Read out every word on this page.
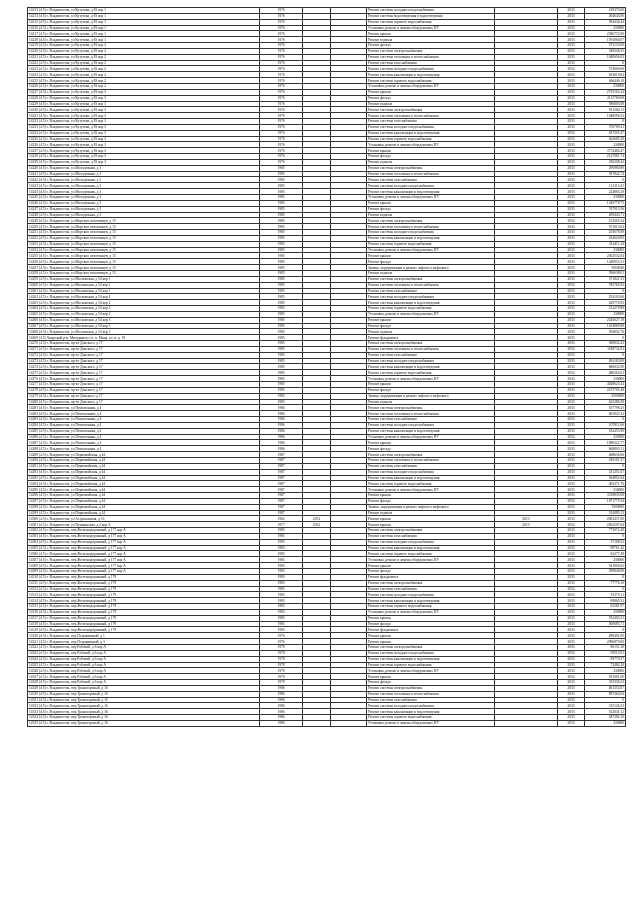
14213 (4.5) г. Владивосток, ул Кутузова, д 83 кор 1	1976			Ремонт системы холодного водоснабжения		2033	239379.00
14214 (4.5) г. Владивосток, ул Кутузова, д 83 кор 1	1976			Ремонт системы водоотведения и водоотведения		2033	404643.00
14215 (4.5) г. Владивосток, ул Кутузова, д 83 кор 1	1976			Ремонт системы горячего водоснабжения		2033	394436.44
14216 (4.5) г. Владивосток, ул Кутузова, д 83 кор 1	1976			Установка, ремонт и замена общедомовых ПУ		2033	230000
14217 (4.5) г. Владивосток, ул Кутузова, д 83 кор 1	1976			Ремонт крыши		2033	2396772.00
14218 (4.5) г. Владивосток, ул Кутузова, д 83 кор 1	1976			Ремонт подвала		2033	1591060.07
14219 (4.5) г. Владивосток, ул Кутузова, д 83 кор 2	1976			Ремонт фасада		2033	373133.00
14220 (4.5) г. Владивосток, ул Кутузова, д 83 кор 2	1976			Ремонт системы электроснабжения		2033	348246.55
14221 (4.5) г. Владивосток, ул Кутузова, д 83 кор 2	1976			Ремонт системы отопления и теплоснабжения		2033	1040656.03
14222 (4.5) г. Владивосток, ул Кутузова, д 83 кор 2	1976			Ремонт системы газоснабжения		2033	0
14223 (4.5) г. Владивосток, ул Кутузова, д 83 кор 2	1976			Ремонт системы холодного водоснабжения		2033	374666.06
14224 (4.5) г. Владивосток, ул Кутузова, д 83 кор 2	1976			Ремонт системы канализации и водоотведения		2033	633619.04
14225 (4.5) г. Владивосток, ул Кутузова, д 83 кор 2	1976			Ремонт системы горячего водоснабжения		2033	466446.18
14226 (4.5) г. Владивосток, ул Кутузова, д 83 кор 2	1976			Установка, ремонт и замена общедомовых ПУ		2033	230000
14227 (4.5) г. Владивосток, ул Кутузова, д 83 кор 3	1976			Ремонт крыши		2033	2753163.24
14228 (4.5) г. Владивосток, ул Кутузова, д 83 кор 3	1976			Ремонт фасада		2033	2115769.69
14229 (4.5) г. Владивосток, ул Кутузова, д 83 кор 3	1976			Ремонт подвала		2033	586803.09
14230 (4.5) г. Владивосток, ул Кутузова, д 83 кор 3	1976			Ремонт системы электроснабжения		2033	551260.13
14231 (4.5) г. Владивосток, ул Кутузова, д 83 кор 3	1976			Ремонт системы отопления и теплоснабжения		2033	1048596.53
14232 (4.5) г. Владивосток, ул Кутузова, д 83 кор 3	1976			Ремонт системы газоснабжения		2033	0
14233 (4.5) г. Владивосток, ул Кутузова, д 83 кор 3	1976			Ремонт системы холодного водоснабжения		2033	376789.41
14234 (4.5) г. Владивосток, ул Кутузова, д 83 кор 3	1976			Ремонт системы канализации и водоотведения		2033	637205.47
14235 (4.5) г. Владивосток, ул Кутузова, д 83 кор 3	1976			Ремонт системы горячего водоснабжения		2033	462685.20
14236 (4.5) г. Владивосток, ул Кутузова, д 83 кор 3	1976			Установка, ремонт и замена общедомовых ПУ		2033	230000
14237 (4.5) г. Владивосток, ул Кутузова, д 83 кор 3	1976			Ремонт крыши		2033	3774484.47
14238 (4.5) г. Владивосток, ул Кутузова, д 83 кор 3	1976			Ремонт фасада		2033	2127081.74
14239 (4.5) г. Владивосток, ул Кутузова, д 83 кор 3	1976			Ремонт подвала		2033	336208.42
14240 (4.5) г. Владивосток, ул Молодежная, д 3	1985			Ремонт системы электроснабжения		2033	296980.80
14241 (4.5) г. Владивосток, ул Молодежная, д 3	1985			Ремонт системы отопления и теплоснабжения		2033	397842.74
14242 (4.5) г. Владивосток, ул Молодежная, д 3	1985			Ремонт системы газоснабжения		2033	0
14243 (4.5) г. Владивосток, ул Молодежная, д 3	1985			Ремонт системы холодного водоснабжения		2033	112313.41
14244 (4.5) г. Владивосток, ул Молодежная, д 3	1985			Ремонт системы канализации и водоотведения		2033	224865.20
14245 (4.5) г. Владивосток, ул Молодежная, д 3	1985			Установка, ремонт и замена общедомовых ПУ		2033	230000
14246 (4.5) г. Владивосток, ул Молодежная, д 3	1985			Ремонт крыши		2033	1326778.73
14247 (4.5) г. Владивосток, ул Молодежная, д 3	1985			Ремонт фасада		2033	767913.56
14248 (4.5) г. Владивосток, ул Молодежная, д 3	1985			Ремонт подвала		2033	209443.71
14249 (4.5) г. Владивосток, ул Морских пехотинцев, д 15	1985			Ремонт системы электроснабжения		2033	274305.34
14250 (4.5) г. Владивосток, ул Морских пехотинцев, д 15	1985			Ремонт системы отопления и теплоснабжения		2033	701013.04
14251 (4.5) г. Владивосток, ул Морских пехотинцев, д 15	1985			Ремонт системы холодного водоснабжения		2033	255678.08
14252 (4.5) г. Владивосток, ул Морских пехотинцев, д 15	1985			Ремонт системы канализации и водоотведения		2033	432620.83
14253 (4.5) г. Владивосток, ул Морских пехотинцев, д 15	1985			Ремонт системы горячего водоснабжения		2033	314411.24
14254 (4.5) г. Владивосток, ул Морских пехотинцев, д 15	1985			Установка, ремонт и замена общедомовых ПУ		2033	230000
14255 (4.5) г. Владивосток, ул Морских пехотинцев, д 15	1985			Ремонт крыши		2033	2362532.04
14256 (4.5) г. Владивосток, ул Морских пехотинцев, д 15	1985			Ремонт фасада		2033	1446955.41
14257 (4.5) г. Владивосток, ул Морских пехотинцев, д 15	1985			Замена, модернизация и ремонт лифтов и лифтового		2033	5060040
14258 (4.5) г. Владивосток, ул Морских пехотинцев, д 15	1985			Ремонт подвала		2033	396638.01
14259 (4.5) г. Владивосток, ул Московская, д 54 кор 1	1985			Ремонт системы электроснабжения		2033	371821.53
14260 (4.5) г. Владивосток, ул Московская, д 54 кор 1	1985			Ремонт системы отопления и теплоснабжения		2033	785782.92
14261 (4.5) г. Владивосток, ул Московская, д 54 кор 1	1985			Ремонт системы газоснабжения		2033	0
14262 (4.5) г. Владивосток, ул Московская, д 54 кор 2	1985			Ремонт системы холодного водоснабжения		2033	254103.66
14263 (4.5) г. Владивосток, ул Московская, д 54 кор 2	1985			Ремонт системы канализации и водоотведения		2033	429770.93
14264 (4.5) г. Владивосток, ул Московская, д 54 кор 2	1985			Ремонт системы горячего водоснабжения		2033	312278.88
14265 (4.5) г. Владивосток, ул Московская, д 54 кор 2	1985			Установка, ремонт и замена общедомовых ПУ		2033	230000
14266 (4.5) г. Владивосток, ул Московская, д 54 кор 3	1985			Ремонт крыши		2033	2345627.18
14267 (4.5) г. Владивосток, ул Московская, д 54 кор 3	1985			Ремонт фасада		2033	1434889.88
14268 (4.5) г. Владивосток, ул Московская, д 54 кор 3	1985			Ремонт подвала		2033	394052.76
14269 (4.5) Амурский р-н, Мичуринск с/п, п. Мица, ул. в. д. 19	1985			Ремонт фундамента		2033	0
14270 (4.5) г. Владивосток, пр-кт Донского, д 17	1985			Ремонт системы электроснабжения		2033	390832.42
14271 (4.5) г. Владивосток, пр-кт Донского, д 17	1985			Ремонт системы отопления и теплоснабжения		2033	1188732.92
14272 (4.5) г. Владивосток, пр-кт Донского, д 17	1985			Ремонт системы газоснабжения		2033	0
14273 (4.5) г. Владивосток, пр-кт Донского, д 17	1985			Ремонт системы холодного водоснабжения		2033	492183.00
14274 (4.5) г. Владивосток, пр-кт Донского, д 17	1985			Ремонт системы канализации и водоотведения		2033	686032.90
14275 (4.5) г. Владивосток, пр-кт Донского, д 17	1985			Ремонт системы горячего водоснабжения		2033	480263.61
14276 (4.5) г. Владивосток, пр-кт Донского, д 17	1985			Установка, ремонт и замена общедомовых ПУ		2033	230000
14277 (4.5) г. Владивосток, пр-кт Донского, д 17	1985			Ремонт крыши		2033	4028623.44
14278 (4.5) г. Владивосток, пр-кт Донского, д 17	1985			Ремонт фасада		2033	2275795.48
14279 (4.5) г. Владивосток, пр-кт Донского, д 17	1985			Замена, модернизация и ремонт лифтов и лифтового		2033	4500000
14280 (4.5) г. Владивосток, пр-кт Донского, д 17	1985			Ремонт подвала		2033	625286.58
14281 (4.5) г. Владивосток, ул Пентагонная, д 4	1986			Ремонт системы электроснабжения		2033	357798.25
14282 (4.5) г. Владивосток, ул Пентагонная, д 4	1986			Ремонт системы отопления и теплоснабжения		2033	605847.42
14283 (4.5) г. Владивосток, ул Пентагонная, д 4	1986			Ремонт системы газоснабжения		2033	0
14284 (4.5) г. Владивосток, ул Пентагонная, д 4	1986			Ремонт системы холодного водоснабжения		2033	107811.66
14285 (4.5) г. Владивосток, ул Пентагонная, д 4	1986			Ремонт системы канализации и водоотведения		2033	182453.90
14286 (4.5) г. Владивосток, ул Пентагонная, д 4	1986			Установка, ремонт и замена общедомовых ПУ		2033	230000
14287 (4.5) г. Владивосток, ул Пентагонная, д 4	1986			Ремонт крыши		2033	1080222.77
14288 (4.5) г. Владивосток, ул Пентагонная, д 4	1986			Ремонт фасада		2033	668893.31
14289 (4.5) г. Владивосток, ул Первомайская, д 44	1987			Ремонт системы электроснабжения		2033	468636.06
14290 (4.5) г. Владивосток, ул Первомайская, д 44	1987			Ремонт системы отопления и теплоснабжения		2033	929101.57
14291 (4.5) г. Владивосток, ул Первомайская, д 44	1987			Ремонт системы газоснабжения		2033	0
14292 (4.5) г. Владивосток, ул Первомайская, д 44	1987			Ремонт системы холодного водоснабжения		2033	331251.07
14293 (4.5) г. Владивосток, ул Первомайская, д 44	1987			Ремонт системы канализации и водоотведения		2033	564851.64
14294 (4.5) г. Владивосток, ул Первомайская, д 44	1987			Ремонт системы горячего водоснабжения		2033	403371.76
14295 (4.5) г. Владивосток, ул Первомайская, д 44	1987			Установка, ремонт и замена общедомовых ПУ		2033	230000
14296 (4.5) г. Владивосток, ул Первомайская, д 44	1987			Ремонт крыши		2033	3318835.08
14297 (4.5) г. Владивосток, ул Первомайская, д 44	1987			Ремонт фасада		2033	1871775.54
14298 (4.5) г. Владивосток, ул Первомайская, д 44	1987			Замена, модернизация и ремонт лифтов и лифтового		2033	7600000
14299 (4.5) г. Владивосток, ул Первомайская, д 44	1987			Ремонт подвала		2033	514085.13
14300 (4.5) г. Владивосток, ул Астраханская, д 16	1962	2013		Ремонт крыши	2013	2033	2002437.00
14301 (4.5) г. Владивосток, ул Пушкинская, д 2 кор А	1977	2012		Ремонт крыши	2013	2033	2562597.64
14302 (4.5) г. Владивосток, пер Железнодорожный, д 177 кор А	1983			Ремонт системы электроснабжения		2033	775072.48
14303 (4.5) г. Владивосток, пер Железнодорожный, д 177 кор А	1983			Ремонт системы газоснабжения		2033	0
14304 (4.5) г. Владивосток, пер Железнодорожный, д 177 кор А	1983			Ремонт системы холодного водоснабжения		2033	57108.33
14305 (4.5) г. Владивосток, пер Железнодорожный, д 177 кор А	1983			Ремонт системы канализации и водоотведения		2033	89761.42
14306 (4.5) г. Владивосток, пер Железнодорожный, д 177 кор А	1983			Ремонт системы горячего водоснабжения		2033	62277.49
14307 (4.5) г. Владивосток, пер Железнодорожный, д 177 кор А	1983			Установка, ремонт и замена общедомовых ПУ		2033	230000
14308 (4.5) г. Владивосток, пер Железнодорожный, д 177 кор А	1983			Ремонт крыши		2033	541856.62
14309 (4.5) г. Владивосток, пер Железнодорожный, д 177 кор А	1983			Ремонт фасада		2033	299840.00
14310 (4.5) г. Владивосток, пер Железнодорожный, д 179	1983			Ремонт фундамента		2033	0
14311 (4.5) г. Владивосток, пер Железнодорожный, д 179	1983			Ремонт системы электроснабжения		2033	77776.16
14312 (4.5) г. Владивосток, пер Железнодорожный, д 179	1983			Ремонт системы газоснабжения		2033	0
14313 (4.5) г. Владивосток, пер Железнодорожный, д 179	1983			Ремонт системы холодного водоснабжения		2033	53175.11
14314 (4.5) г. Владивосток, пер Железнодорожный, д 179	1983			Ремонт системы канализации и водоотведения		2033	89865.52
14315 (4.5) г. Владивосток, пер Железнодорожный, д 179	1983			Ремонт системы горячего водоснабжения		2033	65281.97
14316 (4.5) г. Владивосток, пер Железнодорожный, д 179	1983			Установка, ремонт и замена общедомовых ПУ		2033	230000
14317 (4.5) г. Владивосток, пер Железнодорожный, д 179	1983			Ремонт крыши		2033	532403.21
14318 (4.5) г. Владивосток, пер Железнодорожный, д 179	1983			Ремонт фасада		2033	300683.71
14319 (4.5) г. Владивосток, пер Железнодорожный, д 179	1983			Ремонт фундамента		2033	0
14320 (4.5) г. Владивосток, пер Пограничный, д 1	1976			Ремонт крыши		2033	289491.00
14321 (4.5) г. Владивосток, пер Пограничный, д 3	1976			Ремонт крыши		2033	2996879.00
14322 (4.5) г. Владивосток, пер Рабочий, д 6 кор А	1978			Ремонт системы электроснабжения		2033	86151.20
14323 (4.5) г. Владивосток, пер Рабочий, д 6 кор А	1978			Ремонт системы холодного водоснабжения		2033	59514.91
14324 (4.5) г. Владивосток, пер Рабочий, д 6 кор А	1978			Ремонт системы канализации и водоотведения		2033	99770.37
14325 (4.5) г. Владивосток, пер Рабочий, д 6 кор А	1978			Ремонт системы горячего водоснабжения		2033	72482.20
14326 (4.5) г. Владивосток, пер Рабочий, д 6 кор А	1978			Установка, ремонт и замена общедомовых ПУ		2033	230000
14327 (4.5) г. Владивосток, пер Рабочий, д 6 кор А	1978			Ремонт крыши		2033	591081.00
14328 (4.5) г. Владивосток, пер Рабочий, д 6 кор А	1978			Ремонт фасада		2033	335336.23
14329 (4.5) г. Владивосток, пер Транспортный, д 16	1986			Ремонт системы электроснабжения		2033	461353.07
14330 (4.5) г. Владивосток, пер Транспортный, д 16	1986			Ремонт системы отопления и теплоснабжения		2033	897263.04
14331 (4.5) г. Владивосток, пер Транспортный, д 16	1986			Ремонт системы газоснабжения		2033	0
14332 (4.5) г. Владивосток, пер Транспортный, д 16	1986			Ремонт системы холодного водоснабжения		2033	315126.23
14333 (4.5) г. Владивосток, пер Транспортный, д 16	1986			Ремонт системы канализации и водоотведения		2033	532041.12
14334 (4.5) г. Владивосток, пер Транспортный, д 16	1986			Ремонт системы горячего водоснабжения		2033	387284.16
14335 (4.5) г. Владивосток, пер Транспортный, д 16	1986			Установка, ремонт и замена общедомовых ПУ		2033	230000
